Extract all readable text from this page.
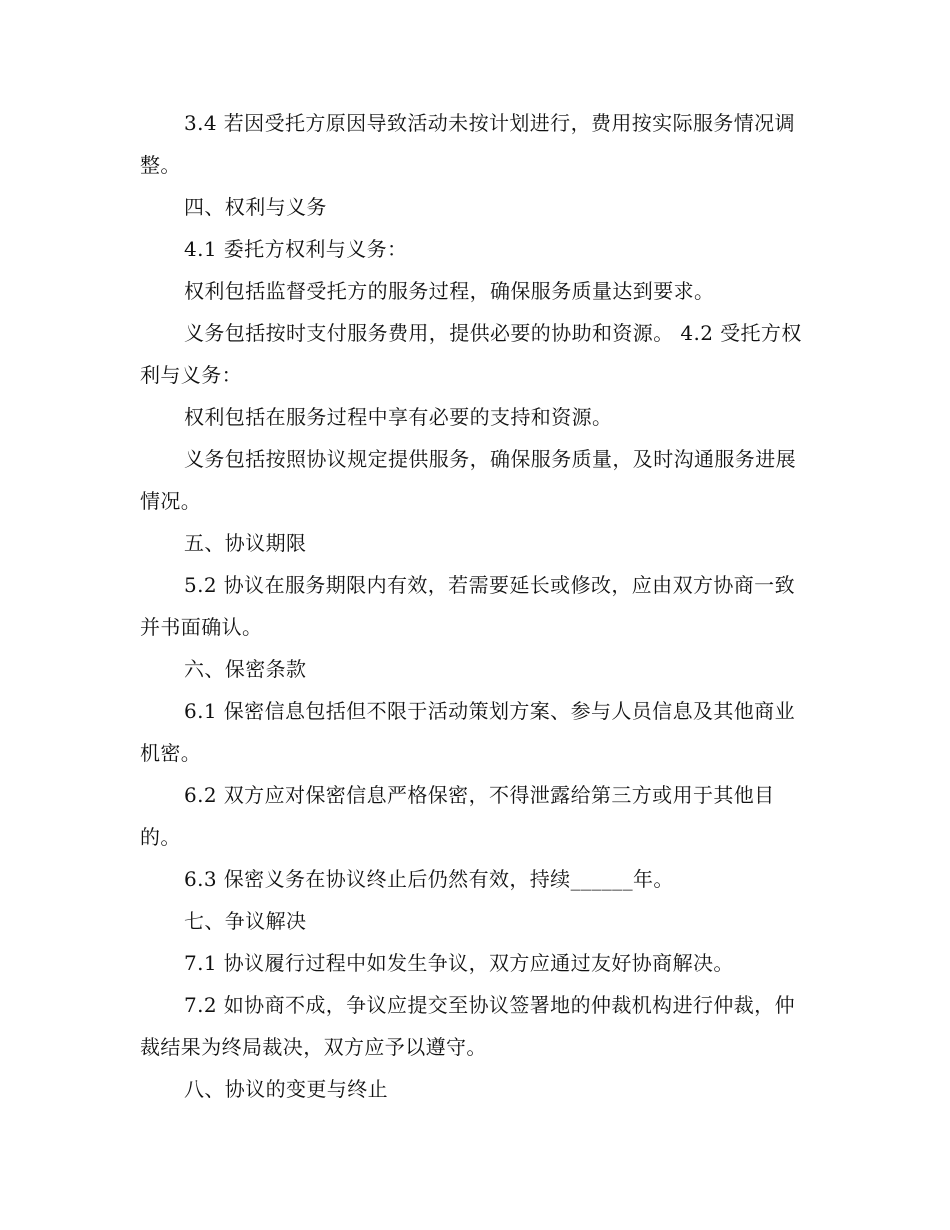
3.4 若因受托方原因导致活动未按计划进行，费用按实际服务情况调整。

四、权利与义务

4.1 委托方权利与义务：

权利包括监督受托方的服务过程，确保服务质量达到要求。

义务包括按时支付服务费用，提供必要的协助和资源。 4.2 受托方权利与义务：

权利包括在服务过程中享有必要的支持和资源。

义务包括按照协议规定提供服务，确保服务质量，及时沟通服务进展情况。

五、协议期限

5.2 协议在服务期限内有效，若需要延长或修改，应由双方协商一致并书面确认。

六、保密条款

6.1 保密信息包括但不限于活动策划方案、参与人员信息及其他商业机密。

6.2 双方应对保密信息严格保密，不得泄露给第三方或用于其他目的。

6.3 保密义务在协议终止后仍然有效，持续______年。

七、争议解决

7.1 协议履行过程中如发生争议，双方应通过友好协商解决。

7.2 如协商不成，争议应提交至协议签署地的仲裁机构进行仲裁，仲裁结果为终局裁决，双方应予以遵守。

八、协议的变更与终止
